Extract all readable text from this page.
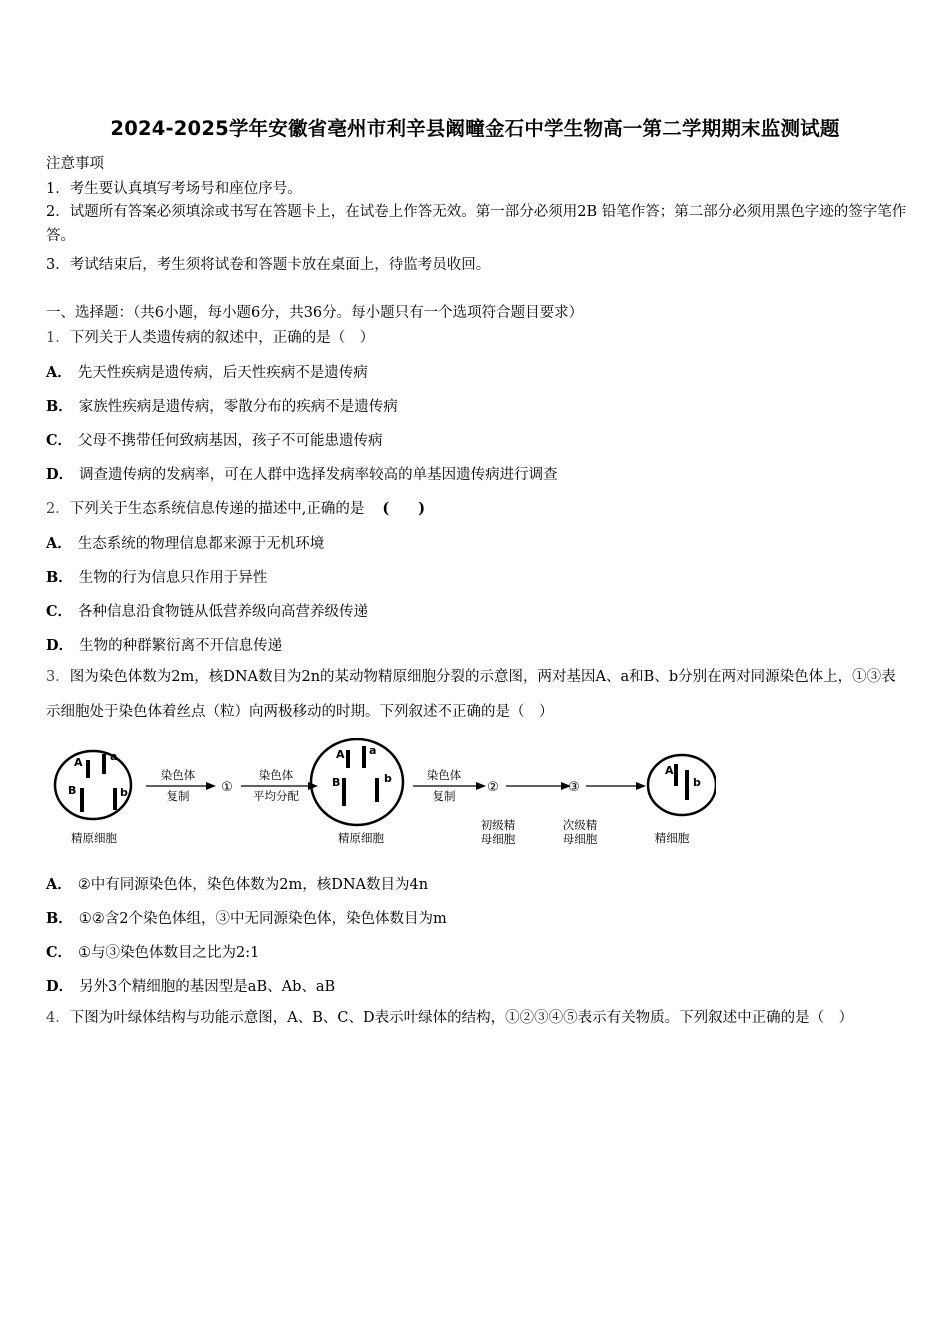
2024-2025学年安徽省亳州市利辛县阚疃金石中学生物高一第二学期期末监测试题
注意事项
1．考生要认真填写考场号和座位序号。
2．试题所有答案必须填涂或书写在答题卡上，在试卷上作答无效。第一部分必须用2B 铅笔作答；第二部分必须用黑色字迹的签字笔作答。
3．考试结束后，考生须将试卷和答题卡放在桌面上，待监考员收回。
一、选择题：（共6小题，每小题6分，共36分。每小题只有一个选项符合题目要求）
1．下列关于人类遗传病的叙述中，正确的是（　）
A． 先天性疾病是遗传病，后天性疾病不是遗传病
B． 家族性疾病是遗传病，零散分布的疾病不是遗传病
C． 父母不携带任何致病基因，孩子不可能患遗传病
D． 调查遗传病的发病率，可在人群中选择发病率较高的单基因遗传病进行调查
2．下列关于生态系统信息传递的描述中,正确的是 (　　)
A． 生态系统的物理信息都来源于无机环境
B． 生物的行为信息只作用于异性
C． 各种信息沿食物链从低营养级向高营养级传递
D． 生物的种群繁衍离不开信息传递
3．图为染色体数为2m，核DNA数目为2n的某动物精原细胞分裂的示意图，两对基因A、a和B、b分别在两对同源染色体上，①③表示细胞处于染色体着丝点（粒）向两极移动的时期。下列叙述不正确的是（　）
A a
B	b
A a
B	b
A
b
染色体
复制
①
染色体
平均分配
染色体
复制
②	③
精原细胞	精原细胞
初级精
母细胞
次级精
母细胞	精细胞
A． ②中有同源染色体，染色体数为2m，核DNA数目为4n
B． ①②含2个染色体组，③中无同源染色体，染色体数目为m
C． ①与③染色体数目之比为2:1
D． 另外3个精细胞的基因型是aB、Ab、aB
4．下图为叶绿体结构与功能示意图，A、B、C、D表示叶绿体的结构，①②③④⑤表示有关物质。下列叙述中正确的是（　）
